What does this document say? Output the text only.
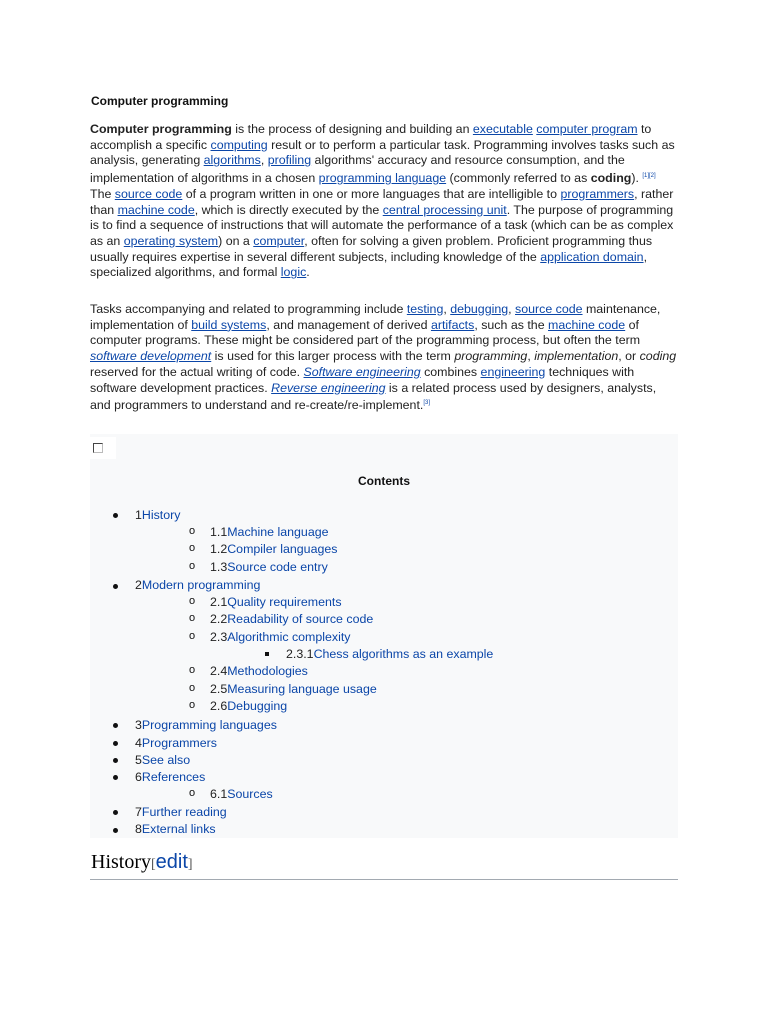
Computer programming
Computer programming is the process of designing and building an executable computer program to accomplish a specific computing result or to perform a particular task. Programming involves tasks such as analysis, generating algorithms, profiling algorithms' accuracy and resource consumption, and the implementation of algorithms in a chosen programming language (commonly referred to as coding). [1][2] The source code of a program written in one or more languages that are intelligible to programmers, rather than machine code, which is directly executed by the central processing unit. The purpose of programming is to find a sequence of instructions that will automate the performance of a task (which can be as complex as an operating system) on a computer, often for solving a given problem. Proficient programming thus usually requires expertise in several different subjects, including knowledge of the application domain, specialized algorithms, and formal logic.
Tasks accompanying and related to programming include testing, debugging, source code maintenance, implementation of build systems, and management of derived artifacts, such as the machine code of computer programs. These might be considered part of the programming process, but often the term software development is used for this larger process with the term programming, implementation, or coding reserved for the actual writing of code. Software engineering combines engineering techniques with software development practices. Reverse engineering is a related process used by designers, analysts, and programmers to understand and re-create/re-implement.[3]
Contents
1History
o 1.1Machine language
o 1.2Compiler languages
o 1.3Source code entry
2Modern programming
o 2.1Quality requirements
o 2.2Readability of source code
o 2.3Algorithmic complexity
2.3.1Chess algorithms as an example
o 2.4Methodologies
o 2.5Measuring language usage
o 2.6Debugging
3Programming languages
4Programmers
5See also
6References
o 6.1Sources
7Further reading
8External links
History[edit]
